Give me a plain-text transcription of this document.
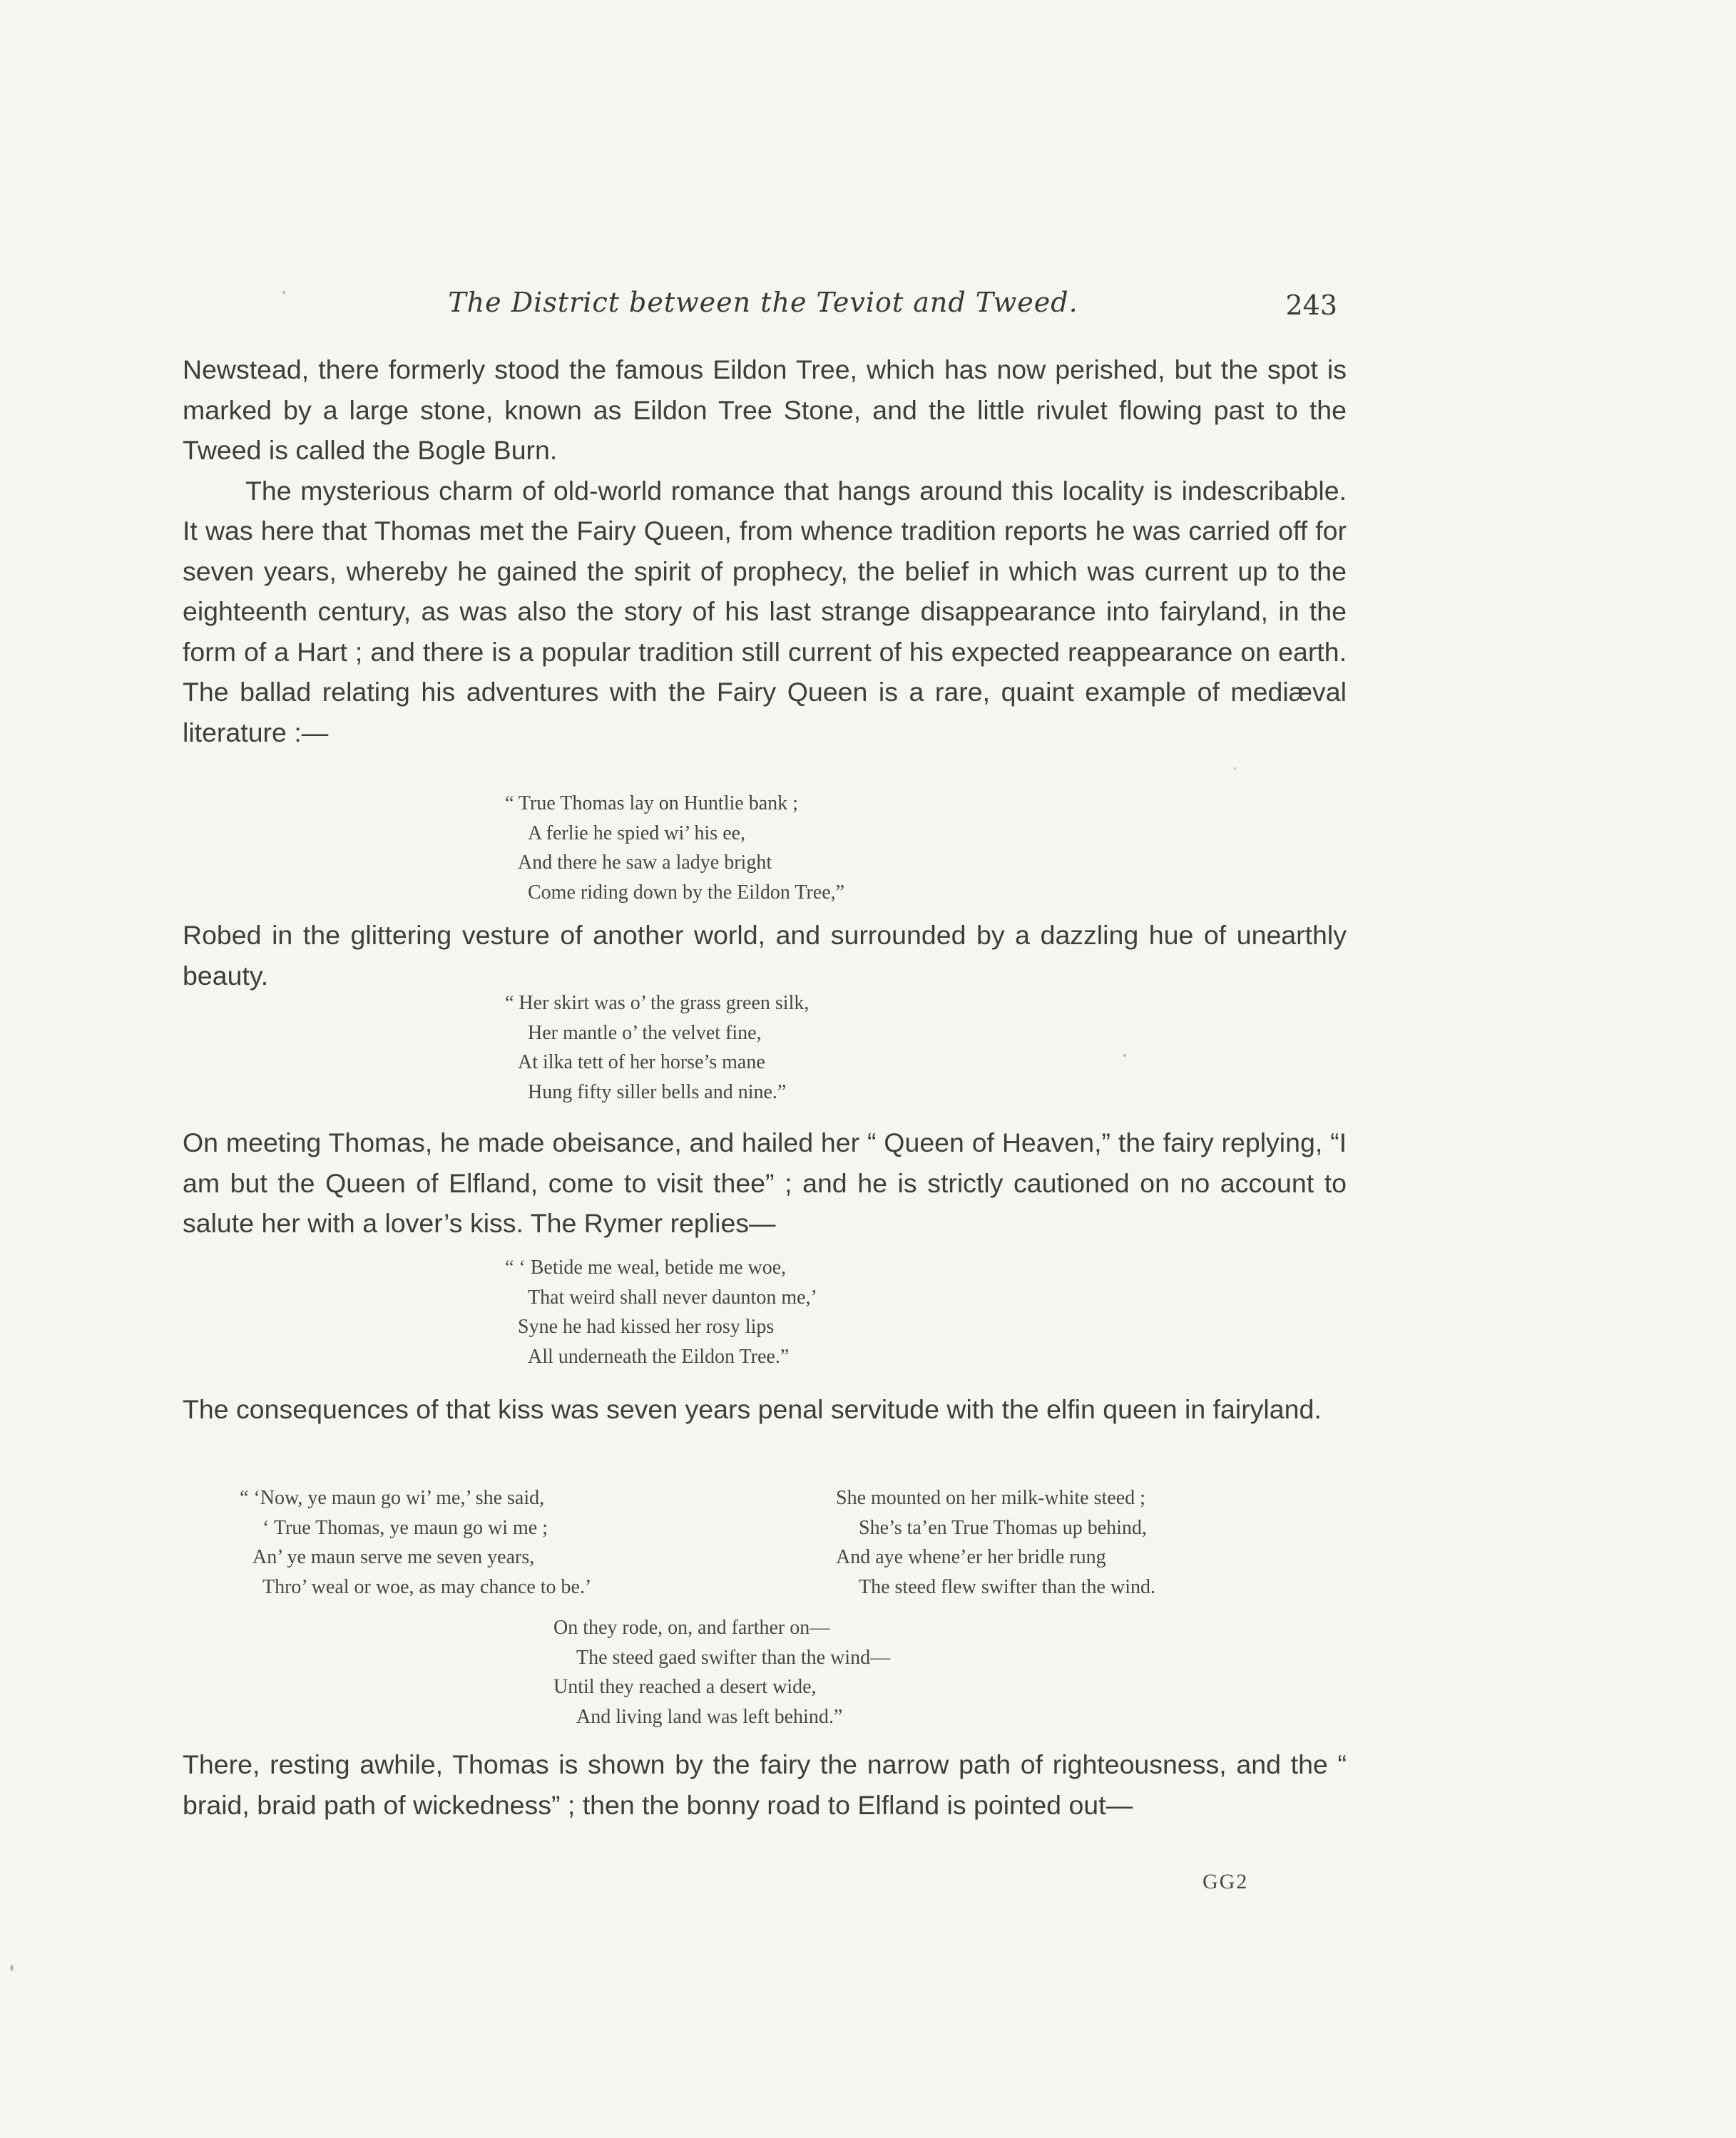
The District between the Teviot and Tweed.	243

Newstead, there formerly stood the famous Eildon Tree, which has now perished, but the spot is marked by a large stone, known as Eildon Tree Stone, and the little rivulet flowing past to the Tweed is called the Bogle Burn.

The mysterious charm of old-world romance that hangs around this locality is indescribable. It was here that Thomas met the Fairy Queen, from whence tradition reports he was carried off for seven years, whereby he gained the spirit of prophecy, the belief in which was current up to the eighteenth century, as was also the story of his last strange disappearance into fairyland, in the form of a Hart ; and there is a popular tradition still current of his expected reappearance on earth. The ballad relating his adventures with the Fairy Queen is a rare, quaint example of mediæval literature :—

“ True Thomas lay on Huntlie bank ;
A ferlie he spied wi’ his ee,
And there he saw a ladye bright
Come riding down by the Eildon Tree,”

Robed in the glittering vesture of another world, and surrounded by a dazzling hue of unearthly beauty.

“ Her skirt was o’ the grass green silk,
Her mantle o’ the velvet fine,
At ilka tett of her horse’s mane
Hung fifty siller bells and nine.”

On meeting Thomas, he made obeisance, and hailed her “ Queen of Heaven,” the fairy replying, “I am but the Queen of Elfland, come to visit thee” ; and he is strictly cautioned on no account to salute her with a lover’s kiss. The Rymer replies—

“ ‘ Betide me weal, betide me woe,
That weird shall never daunton me,’
Syne he had kissed her rosy lips
All underneath the Eildon Tree.”

The consequences of that kiss was seven years penal servitude with the elfin queen in fairyland.

“ ‘Now, ye maun go wi’ me,’ she said,
‘ True Thomas, ye maun go wi me ;
An’ ye maun serve me seven years,
Thro’ weal or woe, as may chance to be.’
She mounted on her milk-white steed ;
She’s ta’en True Thomas up behind,
And aye whene’er her bridle rung
The steed flew swifter than the wind.
On they rode, on, and farther on—
The steed gaed swifter than the wind—
Until they reached a desert wide,
And living land was left behind.”

There, resting awhile, Thomas is shown by the fairy the narrow path of righteousness, and the “ braid, braid path of wickedness” ; then the bonny road to Elfland is pointed out—

GG2
